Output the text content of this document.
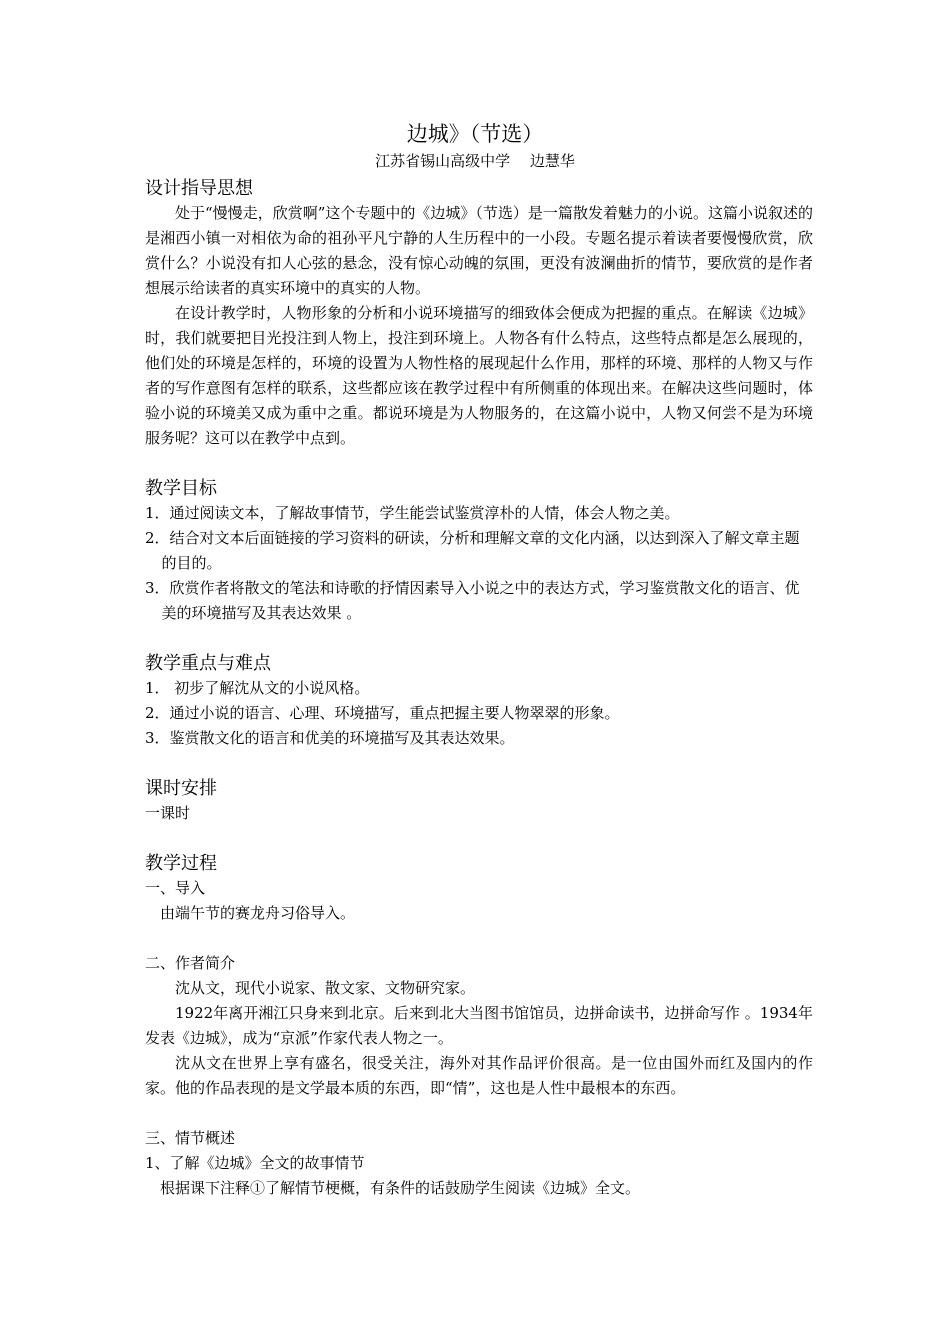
边城》（节选）
江苏省锡山高级中学　 边慧华
设计指导思想

处于“慢慢走，欣赏啊”这个专题中的《边城》（节选）是一篇散发着魅力的小说。这篇小说叙述的是湘西小镇一对相依为命的祖孙平凡宁静的人生历程中的一小段。专题名提示着读者要慢慢欣赏，欣赏什么？小说没有扣人心弦的悬念，没有惊心动魄的氛围，更没有波澜曲折的情节，要欣赏的是作者想展示给读者的真实环境中的真实的人物。

在设计教学时，人物形象的分析和小说环境描写的细致体会便成为把握的重点。在解读《边城》时，我们就要把目光投注到人物上，投注到环境上。人物各有什么特点，这些特点都是怎么展现的，他们处的环境是怎样的，环境的设置为人物性格的展现起什么作用，那样的环境、那样的人物又与作者的写作意图有怎样的联系，这些都应该在教学过程中有所侧重的体现出来。在解决这些问题时，体验小说的环境美又成为重中之重。都说环境是为人物服务的，在这篇小说中，人物又何尝不是为环境服务呢？这可以在教学中点到。

教学目标

1．通过阅读文本，了解故事情节，学生能尝试鉴赏淳朴的人情，体会人物之美。

2．结合对文本后面链接的学习资料的研读，分析和理解文章的文化内涵，以达到深入了解文章主题的目的。

3．欣赏作者将散文的笔法和诗歌的抒情因素导入小说之中的表达方式，学习鉴赏散文化的语言、优美的环境描写及其表达效果 。

教学重点与难点

1． 初步了解沈从文的小说风格。

2．通过小说的语言、心理、环境描写，重点把握主要人物翠翠的形象。

3．鉴赏散文化的语言和优美的环境描写及其表达效果。

课时安排

一课时

教学过程

一、导入

由端午节的赛龙舟习俗导入。

二、作者简介

沈从文，现代小说家、散文家、文物研究家。

1922年离开湘江只身来到北京。后来到北大当图书馆馆员，边拼命读书，边拼命写作 。1934年发表《边城》，成为“京派”作家代表人物之一。

沈从文在世界上享有盛名，很受关注，海外对其作品评价很高。是一位由国外而红及国内的作家。他的作品表现的是文学最本质的东西，即“情”，这也是人性中最根本的东西。

三、情节概述

1、了解《边城》全文的故事情节

根据课下注释①了解情节梗概，有条件的话鼓励学生阅读《边城》全文。
